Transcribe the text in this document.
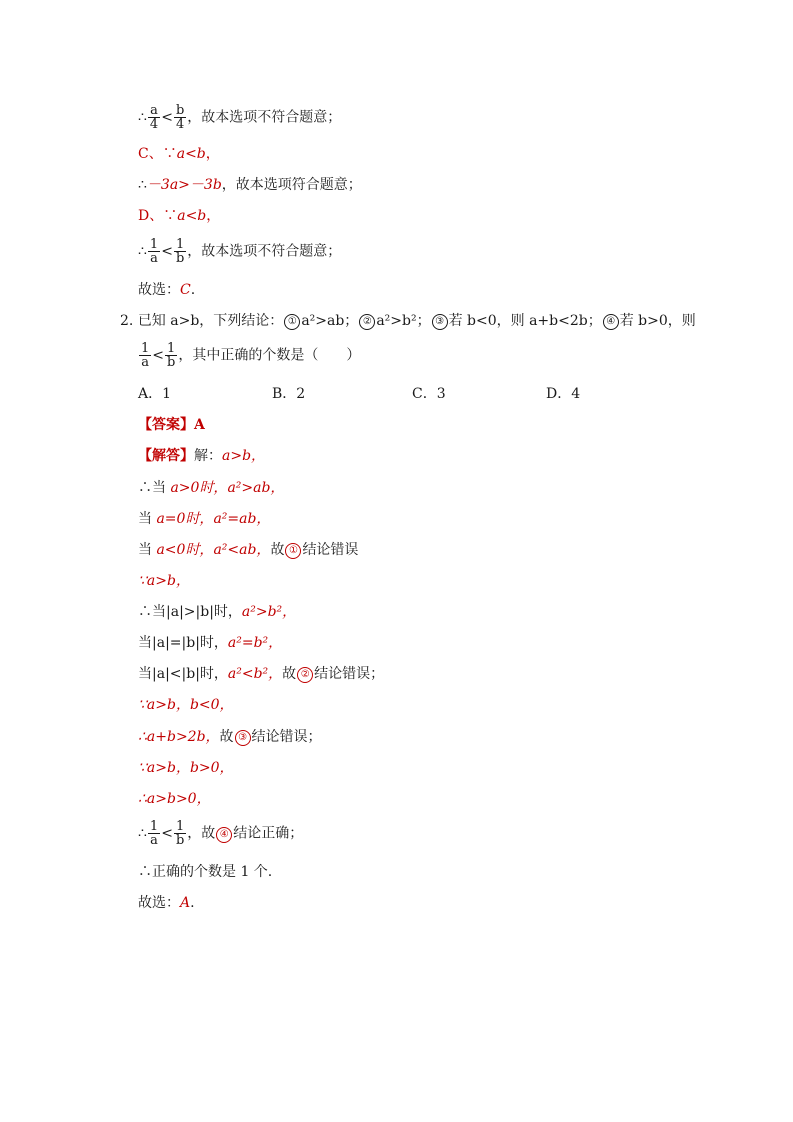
∴ $\frac{a}{4} < \frac{b}{4}$ ，故本选项不符合题意；
C、∵a<b，
∴－3a>－3b，故本选项符合题意；
D、∵a<b，
∴ $\frac{1}{a} < \frac{1}{b}$ ，故本选项不符合题意；
故选：C.
2. 已知 a>b，下列结论： ① a²>ab； ② a²>b²； ③ 若 b<0，则 a+b<2b； ④ 若 b>0，则
$\frac{1}{a} < \frac{1}{b}$ ，其中正确的个数是（　　）
A．1	B．2	C．3	D．4
【答案】A
【解答】解：a>b，
∴当 a>0时，a²>ab，
当 a=0时，a²=ab，
当 a<0时，a²<ab，故 ① 结论错误
∵a>b，
∴当|a|>|b|时，a²>b²，
当|a|=|b|时，a²=b²，
当|a|<|b|时，a²<b²，故 ② 结论错误；
∵a>b，b<0，
∴a+b>2b，故 ③ 结论错误；
∵a>b，b>0，
∴a>b>0，
∴ $\frac{1}{a} < \frac{1}{b}$ ，故 ④ 结论正确；
∴正确的个数是 1 个.
故选：A.
